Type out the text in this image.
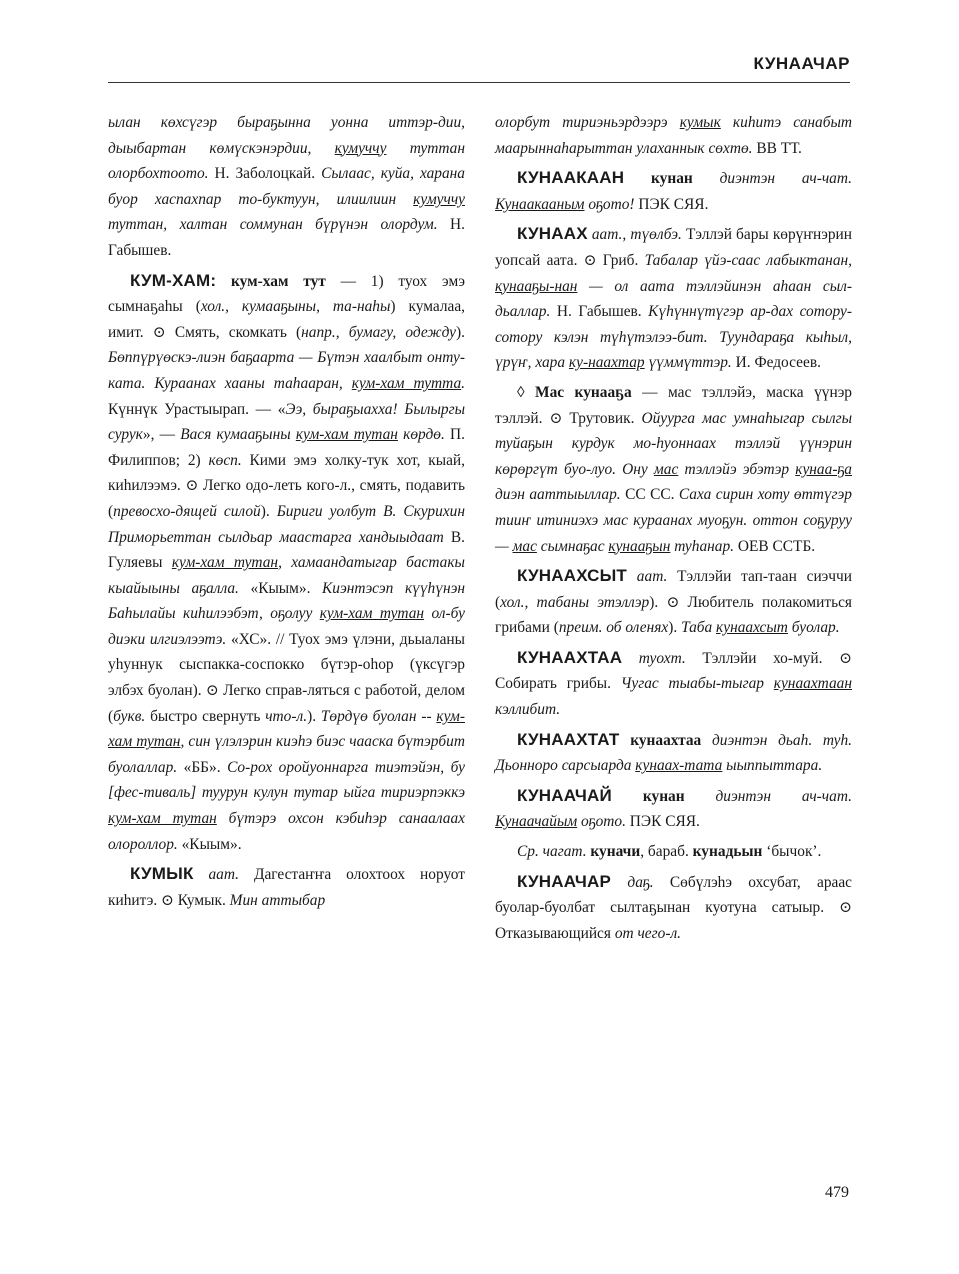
КУНААЧАР

ылан көхсүгэр быраҕынна уонна иттэр-дии, дыыбартан көмүскэнэрдии, кумуччу туттан олорбохтоото. Н. Заболоцкай. Сылаас, куйа, харана буор хаспахпар то-буктуун, илиилиин кумуччу туттан, халтан соммунан бүрүнэн олордум. Н. Габышев.

КУМ-ХАМ: кум-хам тут — 1) туох эмэ сымнаҕаһы (хол., кумааҕыны, та-наһы) кумалаа, имит. ⊙ Смять, скомкать (напр., бумагу, одежду). Бөппүрүөскэ-лиэн баҕаарта — Бүтэн хаалбыт онту-ката. Кураанах хааны таһааран, кум-хам тутта. Күннүк Урастыырап. — «Ээ, быраҕыахха! Былыргы сурук», — Вася кумааҕыны кум-хам тутан көрдө. П. Филиппов; 2) көсп. Кими эмэ холку-тук хот, кыай, киһилээмэ. ⊙ Легко одо-леть кого-л., смять, подавить (превосхо-дящей силой). Бириги уолбут В. Скурихин Приморьеттан сылдьар маастарга хандыыдаат В. Гуляевы кум-хам тутан, хамаандатыгар бастакы кыайыыны аҕалла. «Кыым». Киэнтэсэп күүһүнэн Баһылайы киһилээбэт, оҕолуу кум-хам тутан ол-бу диэки илгиэлээтэ. «ХС». // Туох эмэ үлэни, дьыаланы уһуннук сыспакка-соспокко бүтэр-оһор (үксүгэр элбэх буолан). ⊙ Легко справ-ляться с работой, делом (букв. быстро свернуть что-л.). Төрдүө буолан -- кум-хам тутан, син үлэлэрин киэһэ биэс чааска бүтэрбит буолаллар. «ББ». Со-рох оройуоннарга тиэтэйэн, бу [фес-тиваль] туурун кулун тутар ыйга тириэрпэккэ кум-хам тутан бүтэрэ охсон кэбиһэр санаалаах олороллор. «Кыым».

КУМЫК аат. Дагестаҥҥа олохтоох норуот киһитэ. ⊙ Кумык. Мин аттыбар

олорбут тириэньэрдээрэ кумык киһитэ санабыт маарыннаһарыттан улаханнык сөхтө. ВВ ТТ.

КУНААКААН кунан диэнтэн ач-чат. Кунаакааным оҕото! ПЭК СЯЯ.

КУНААХ аат., түөлбэ. Тэллэй бары көрүҥнэрин уопсай аата. ⊙ Гриб. Табалар үйэ-саас лабыктанан, кунааҕы-нан — ол аата тэллэйинэн аһаан сыл-дьаллар. Н. Габышев. Күһүннүтүгэр ар-дах сотору-сотору кэлэн түһүтэлээ-бит. Туундараҕа кыһыл, үрүҥ, хара ку-наахтар үүммүттэр. И. Федосеев.

◊ Мас кунааҕа — мас тэллэйэ, маска үүнэр тэллэй. ⊙ Трутовик. Ойуурга мас умнаһыгар сылгы туйаҕын курдук мо-һуоннаах тэллэй үүнэрин көрөргүт буо-луо. Ону мас тэллэйэ эбэтэр кунаа-ҕа диэн ааттыыллар. СС СС. Саха сирин хоту өттүгэр тииҥ итиниэхэ мас кураанах муоҕун. оттон соҕуруу — мас сымнаҕас кунааҕын туһанар. ОЕВ ССТБ.

КУНААХСЫТ аат. Тэллэйи тап-таан сиэччи (хол., табаны этэллэр). ⊙ Любитель полакомиться грибами (преим. об оленях). Таба кунаахсыт буолар.

КУНААХТАА туохт. Тэллэйи хо-муй. ⊙ Собирать грибы. Чугас тыабы-тыгар кунаахтаан кэллибит.

КУНААХТАТ кунаахтаа диэнтэн дьаһ. туһ. Дьонноро сарсыарда кунаах-тата ыыппыттара.

КУНААЧАЙ кунан диэнтэн ач-чат. Кунаачайым оҕото. ПЭК СЯЯ.

Ср. чагат. куначи, бараб. кунадьын ‘бычок’.

КУНААЧАР даҕ. Сөбүлэһэ охсубат, араас буолар-буолбат сылтаҕынан куотуна сатыыр. ⊙ Отказывающийся от чего-л.

479
